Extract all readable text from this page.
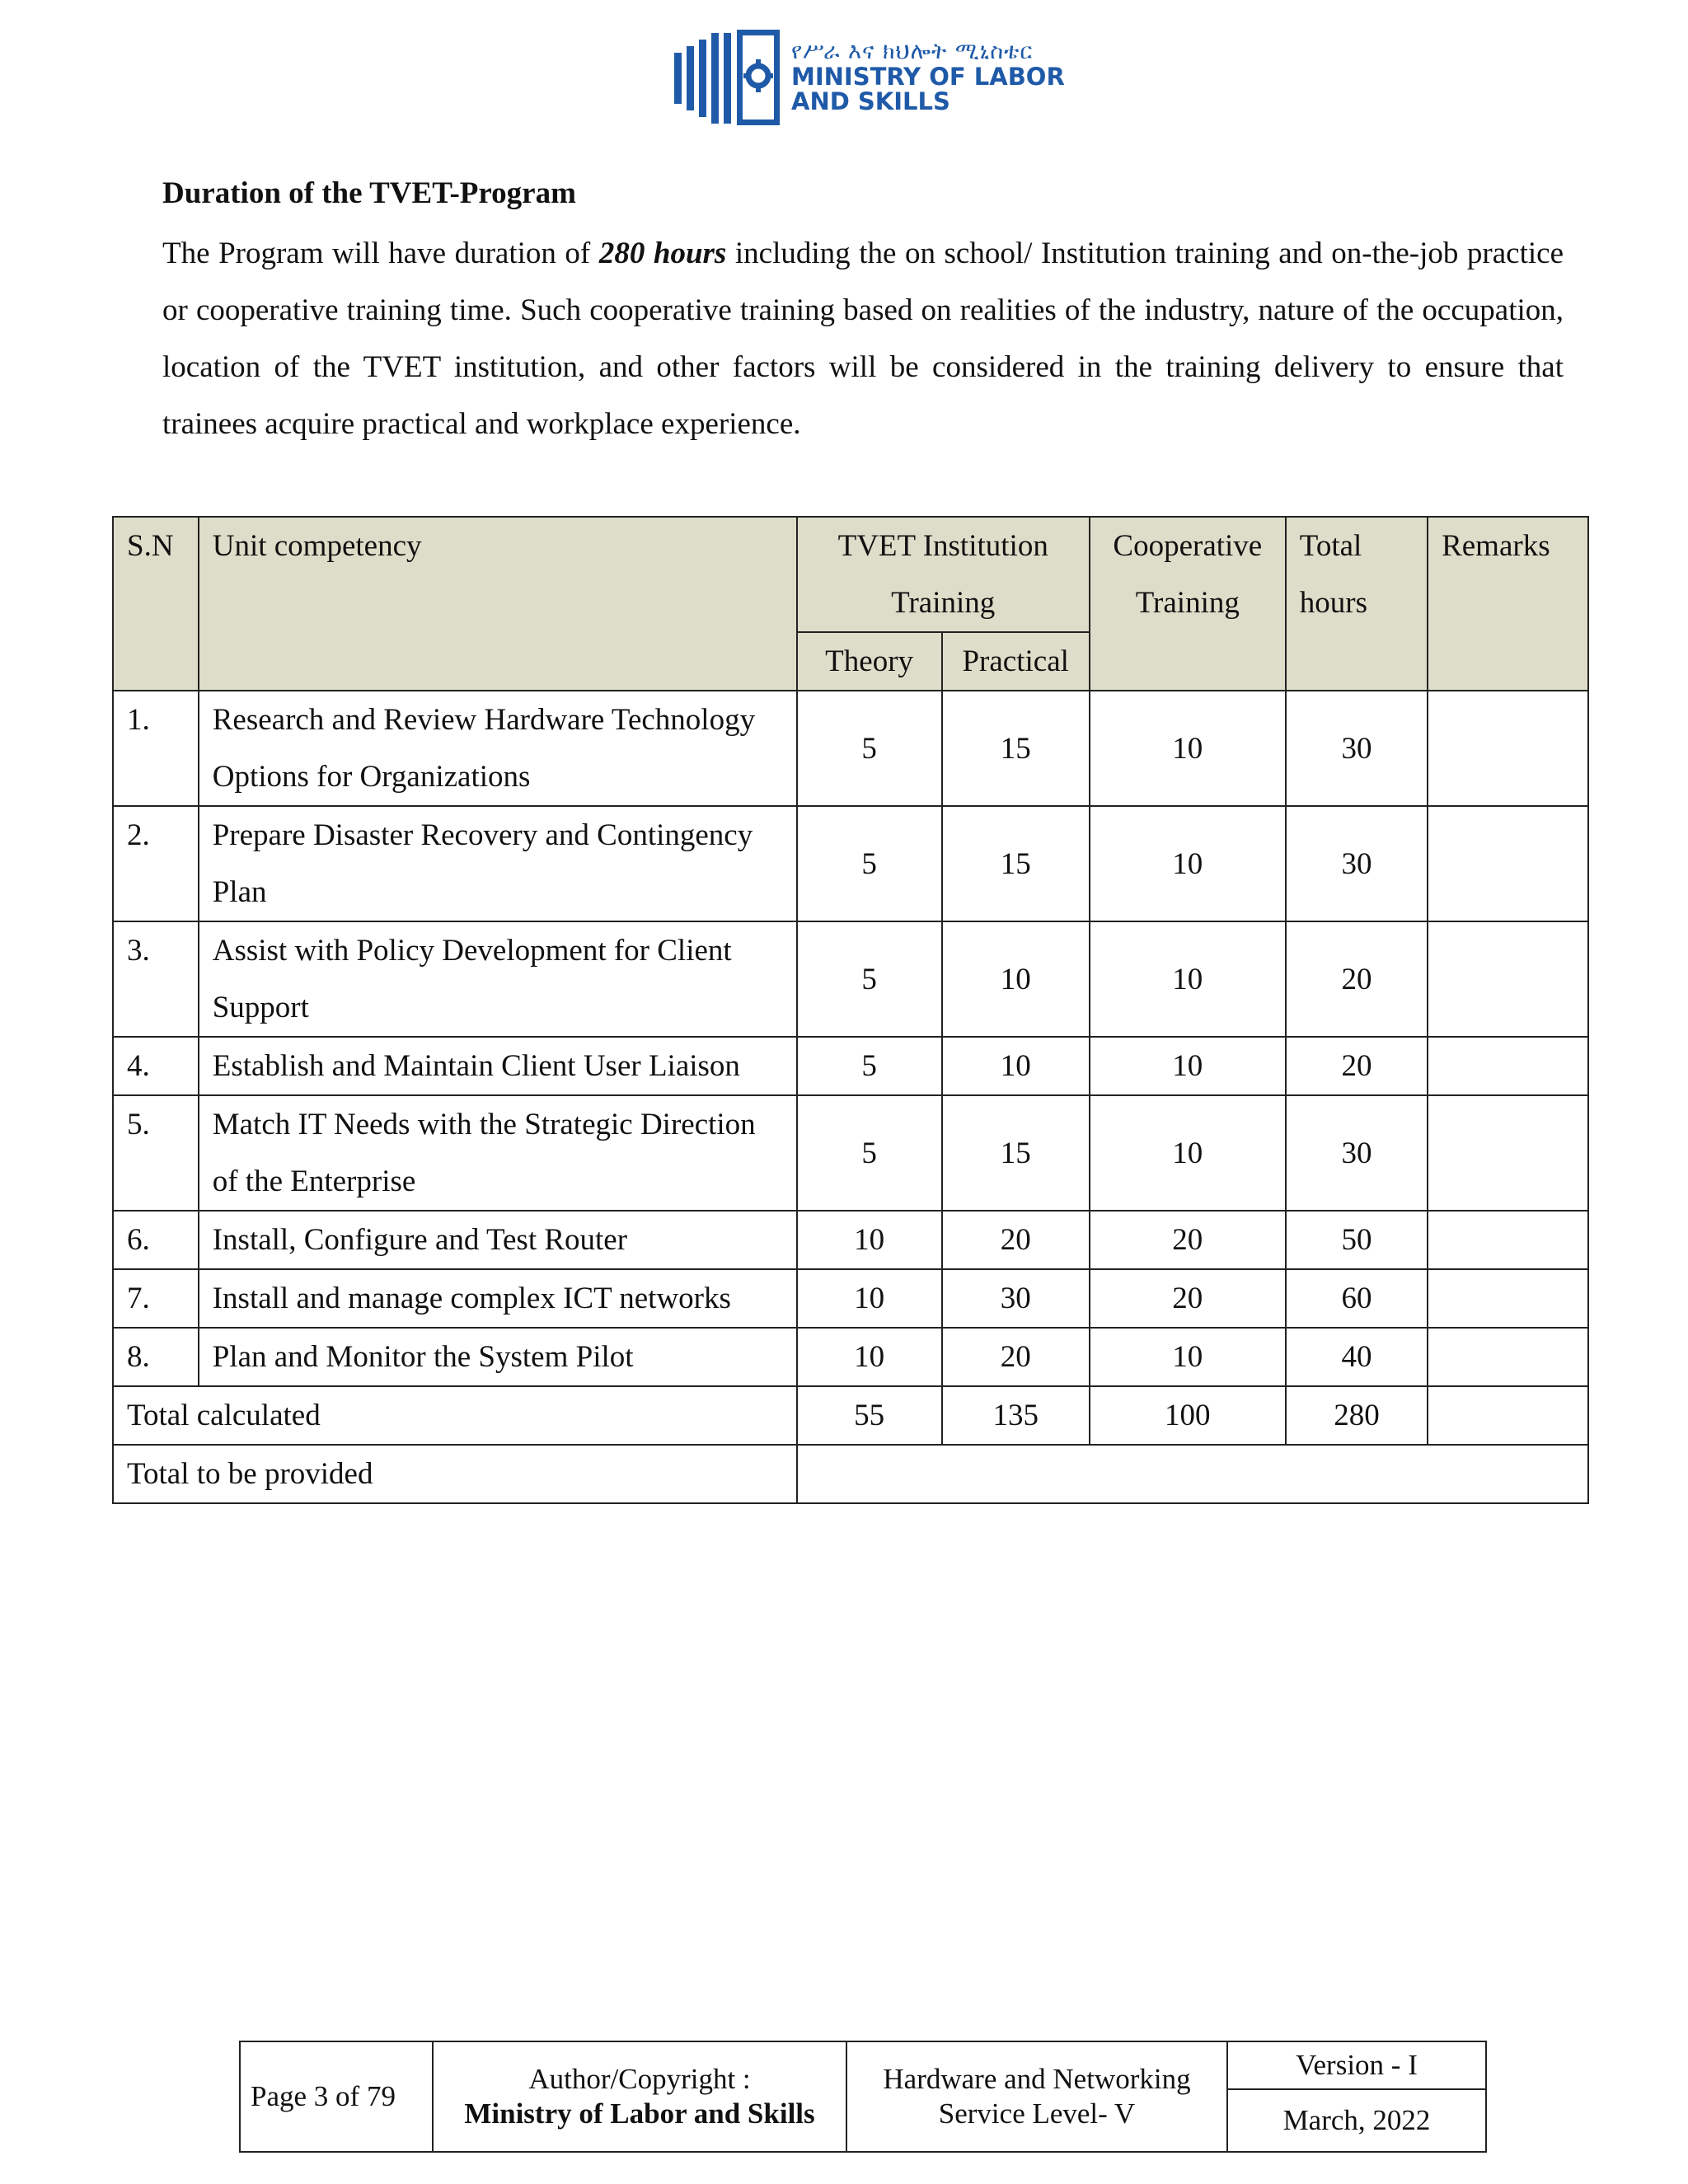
የሥራ እና ክህሎት ሚኒስቴር
MINISTRY OF LABOR
AND SKILLS
Duration of the TVET-Program

The Program will have duration of 280 hours including the on school/ Institution training and on-the-job practice or cooperative training time. Such cooperative training based on realities of the industry, nature of the occupation, location of the TVET institution, and other factors will be considered in the training delivery to ensure that trainees acquire practical and workplace experience.

S.N	Unit competency	TVET Institution Training		Cooperative Training	Total hours	Remarks
		Theory	Practical			
1.	Research and Review Hardware Technology Options for Organizations	5	15	10	30	
2.	Prepare Disaster Recovery and Contingency Plan	5	15	10	30	
3.	Assist with Policy Development for Client Support	5	10	10	20	
4.	Establish and Maintain Client User Liaison	5	10	10	20	
5.	Match IT Needs with the Strategic Direction of the Enterprise	5	15	10	30	
6.	Install, Configure and Test Router	10	20	20	50	
7.	Install and manage complex ICT networks	10	30	20	60	
8.	Plan and Monitor the System Pilot	10	20	10	40	
Total calculated		55	135	100	280	
Total to be provided						
Page 3 of 79	
Author/Copyright :
Ministry of Labor and Skills

Hardware and Networking
Service Level- V
	Version - I
March, 2022
